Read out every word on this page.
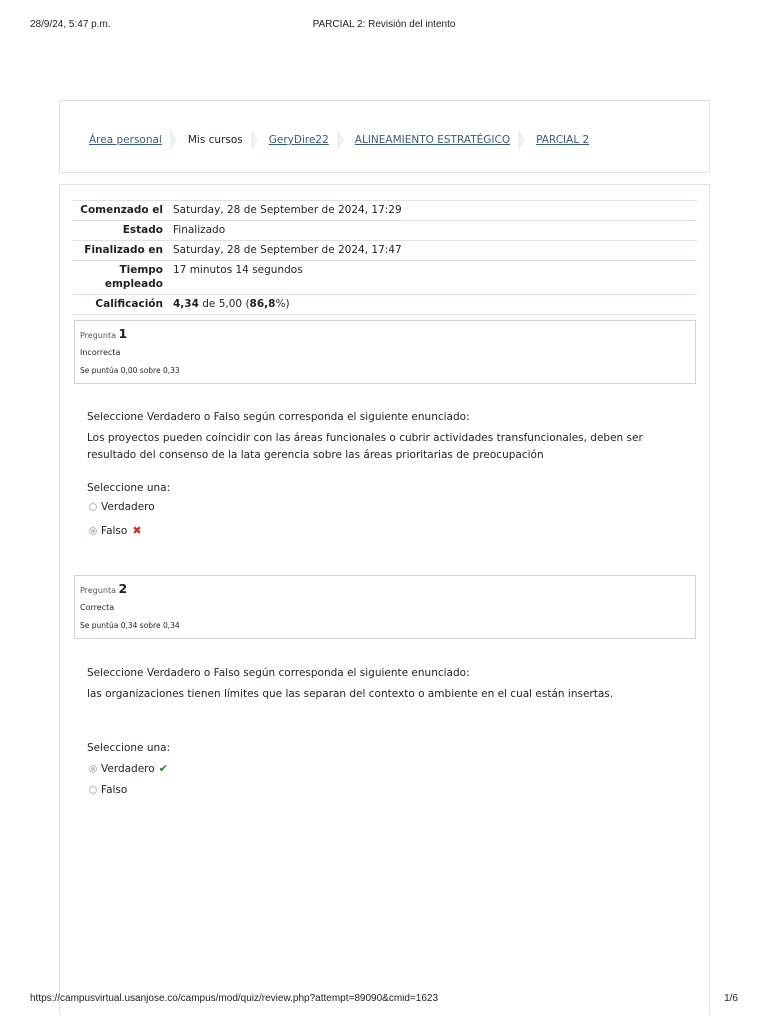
28/9/24, 5:47 p.m.	PARCIAL 2: Revisión del intento
Área personal Mis cursos GeryDire22 ALINEAMIENTO ESTRATÉGICO PARCIAL 2
Comenzado el Saturday, 28 de September de 2024, 17:29
Estado Finalizado
Finalizado en Saturday, 28 de September de 2024, 17:47
Tiempo
empleado
17 minutos 14 segundos
Calificación 4,34 de 5,00 (86,8%)
Pregunta 1
Incorrecta
Se puntúa 0,00 sobre 0,33

Seleccione Verdadero o Falso según corresponda el siguiente enunciado:

Los proyectos pueden coincidir con las áreas funcionales o cubrir actividades transfuncionales, deben ser resultado del consenso de la lata gerencia sobre las áreas prioritarias de preocupación

Seleccione una:
Verdadero
Falso ✖
Pregunta 2
Correcta
Se puntúa 0,34 sobre 0,34

Seleccione Verdadero o Falso según corresponda el siguiente enunciado:

las organizaciones tienen límites que las separan del contexto o ambiente en el cual están insertas.

Seleccione una:
Verdadero ✔
Falso
https://campusvirtual.usanjose.co/campus/mod/quiz/review.php?attempt=89090&cmid=1623	1/6
